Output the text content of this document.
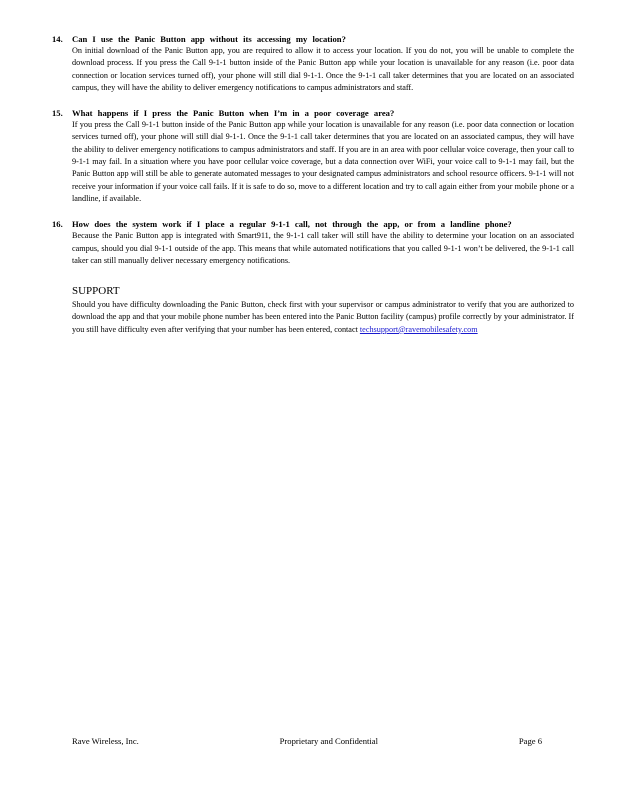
14.	Can I use the Panic Button app without its accessing my location?
On initial download of the Panic Button app, you are required to allow it to access your location. If you do not, you will be unable to complete the download process. If you press the Call 9-1-1 button inside of the Panic Button app while your location is unavailable for any reason (i.e. poor data connection or location services turned off), your phone will still dial 9-1-1. Once the 9-1-1 call taker determines that you are located on an associated campus, they will have the ability to deliver emergency notifications to campus administrators and staff.
15.	What happens if I press the Panic Button when I’m in a poor coverage area?
If you press the Call 9-1-1 button inside of the Panic Button app while your location is unavailable for any reason (i.e. poor data connection or location services turned off), your phone will still dial 9-1-1. Once the 9-1-1 call taker determines that you are located on an associated campus, they will have the ability to deliver emergency notifications to campus administrators and staff. If you are in an area with poor cellular voice coverage, then your call to 9-1-1 may fail. In a situation where you have poor cellular voice coverage, but a data connection over WiFi, your voice call to 9-1-1 may fail, but the Panic Button app will still be able to generate automated messages to your designated campus administrators and school resource officers. 9-1-1 will not receive your information if your voice call fails. If it is safe to do so, move to a different location and try to call again either from your mobile phone or a landline, if available.
16.	How does the system work if I place a regular 9-1-1 call, not through the app, or from a landline phone?
Because the Panic Button app is integrated with Smart911, the 9-1-1 call taker will still have the ability to determine your location on an associated campus, should you dial 9-1-1 outside of the app. This means that while automated notifications that you called 9-1-1 won’t be delivered, the 9-1-1 call taker can still manually deliver necessary emergency notifications.
SUPPORT
Should you have difficulty downloading the Panic Button, check first with your supervisor or campus administrator to verify that you are authorized to download the app and that your mobile phone number has been entered into the Panic Button facility (campus) profile correctly by your administrator. If you still have difficulty even after verifying that your number has been entered, contact techsupport@ravemobilesafety.com
Rave Wireless, Inc.	Proprietary and Confidential	Page 6
